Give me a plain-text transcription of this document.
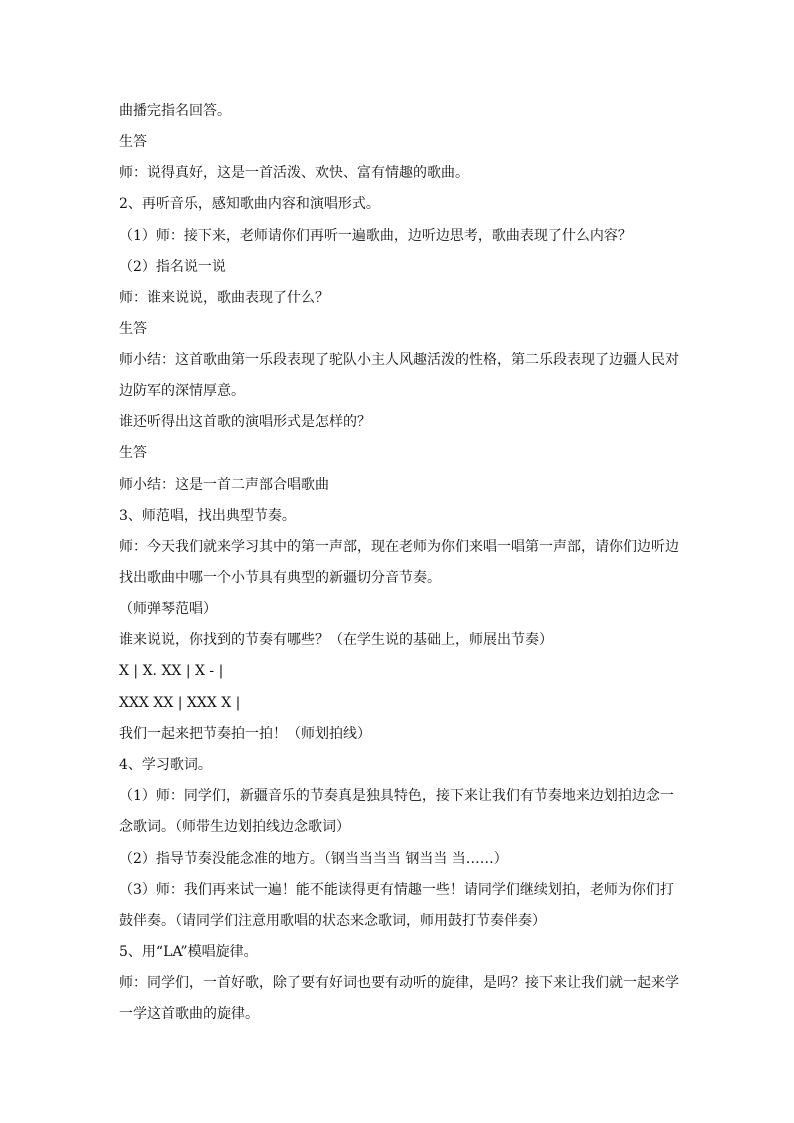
曲播完指名回答。
生答
师：说得真好，这是一首活泼、欢快、富有情趣的歌曲。
2、再听音乐，感知歌曲内容和演唱形式。
（1）师：接下来，老师请你们再听一遍歌曲，边听边思考，歌曲表现了什么内容？
（2）指名说一说
师：谁来说说，歌曲表现了什么？
生答
师小结：这首歌曲第一乐段表现了驼队小主人风趣活泼的性格，第二乐段表现了边疆人民对
边防军的深情厚意。
谁还听得出这首歌的演唱形式是怎样的？
生答
师小结：这是一首二声部合唱歌曲
3、师范唱，找出典型节奏。
师：今天我们就来学习其中的第一声部，现在老师为你们来唱一唱第一声部，请你们边听边
找出歌曲中哪一个小节具有典型的新疆切分音节奏。
（师弹琴范唱）
谁来说说，你找到的节奏有哪些？（在学生说的基础上，师展出节奏）
X | X. XX | X - |
XXX XX | XXX X |
我们一起来把节奏拍一拍！（师划拍线）
4、学习歌词。
（1）师：同学们，新疆音乐的节奏真是独具特色，接下来让我们有节奏地来边划拍边念一
念歌词。（师带生边划拍线边念歌词）
（2）指导节奏没能念准的地方。（钢当当当当 钢当当 当……）
（3）师：我们再来试一遍！能不能读得更有情趣一些！请同学们继续划拍，老师为你们打
鼓伴奏。（请同学们注意用歌唱的状态来念歌词，师用鼓打节奏伴奏）
5、用“LA”模唱旋律。
师：同学们，一首好歌，除了要有好词也要有动听的旋律，是吗？接下来让我们就一起来学
一学这首歌曲的旋律。
